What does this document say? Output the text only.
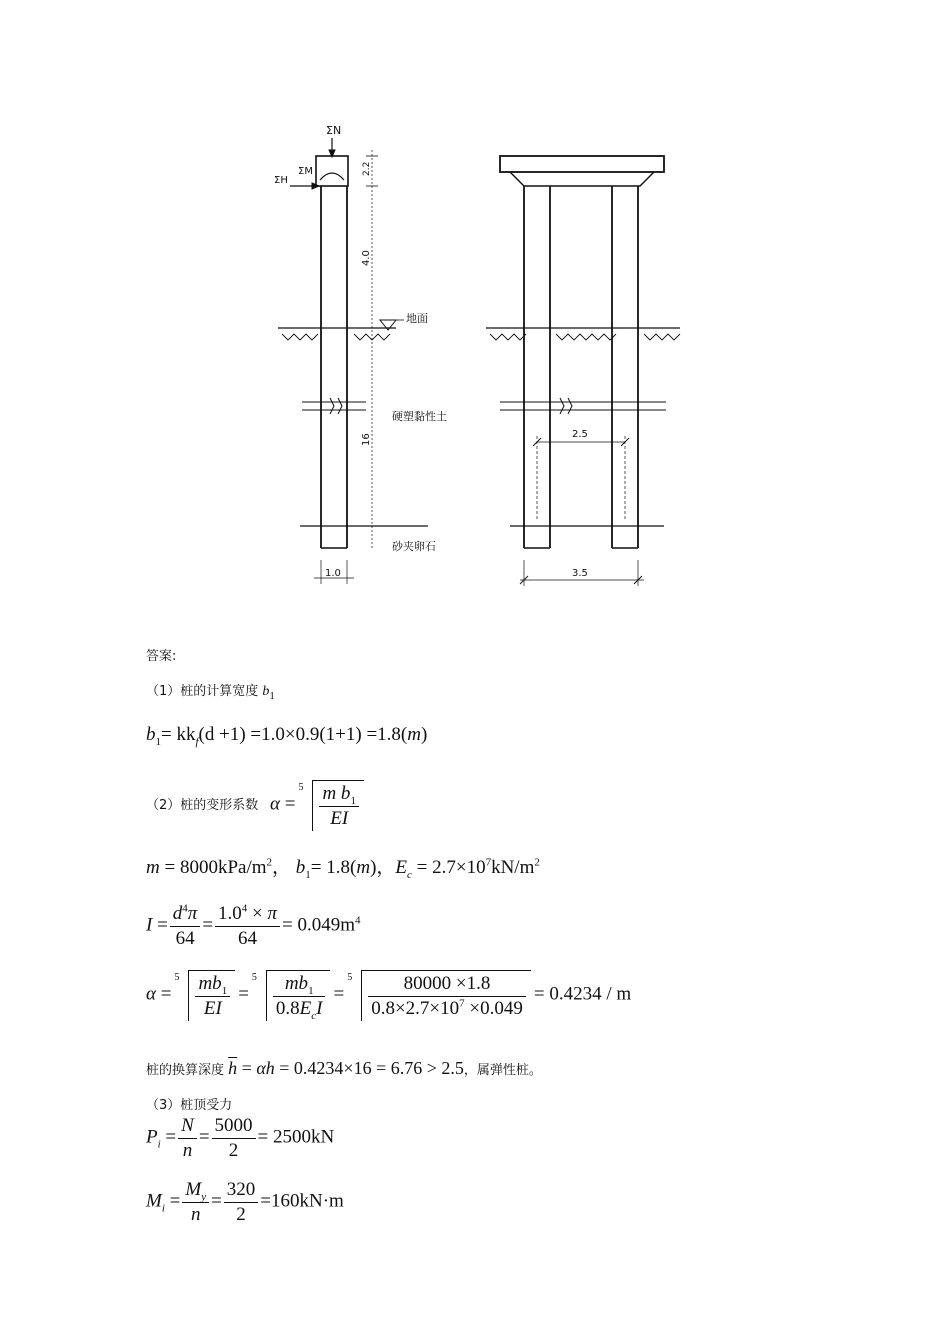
ΣN
ΣM
ΣH
2.2
4.0
16
地面
硬塑黏性土
砂夹卵石
1.0
2.5
3.5
答案:
（1）桩的计算宽度 $b_1$
$b_1= kk_f(d +1) =1.0\times 0.9(1+1) =1.8(m)$
（2）桩的变形系数 α =
$5 \frac{m b_1}{EI}$
$m = 8000kPa/m^2$， $b_1= 1.8(m)$，$E_c = 2.7\times 10^7kN/m^2$
$I = \frac{d^4\pi}{64} = \frac{1.0^4 \times \pi}{64} = 0.049m^4$
α =
$5 \frac{mb_1}{EI}$ =
$5 \frac{mb_1}{0.8E_cI}$ =
$5 \frac{80000 \times 1.8}{0.8\times 2.7\times 10^7 \times 0.049} = 0.4234 / m$
桩的换算深度 $\overline{h} = \alpha h = 0.4234\times 16 = 6.76 > 2.5$，属弹性桩。
（3）桩顶受力
$P_i = \frac{N}{n} = \frac{5000}{2} = 2500kN$
$M_i = \frac{M_y}{n} = \frac{320}{2} =160kN\cdot m$
